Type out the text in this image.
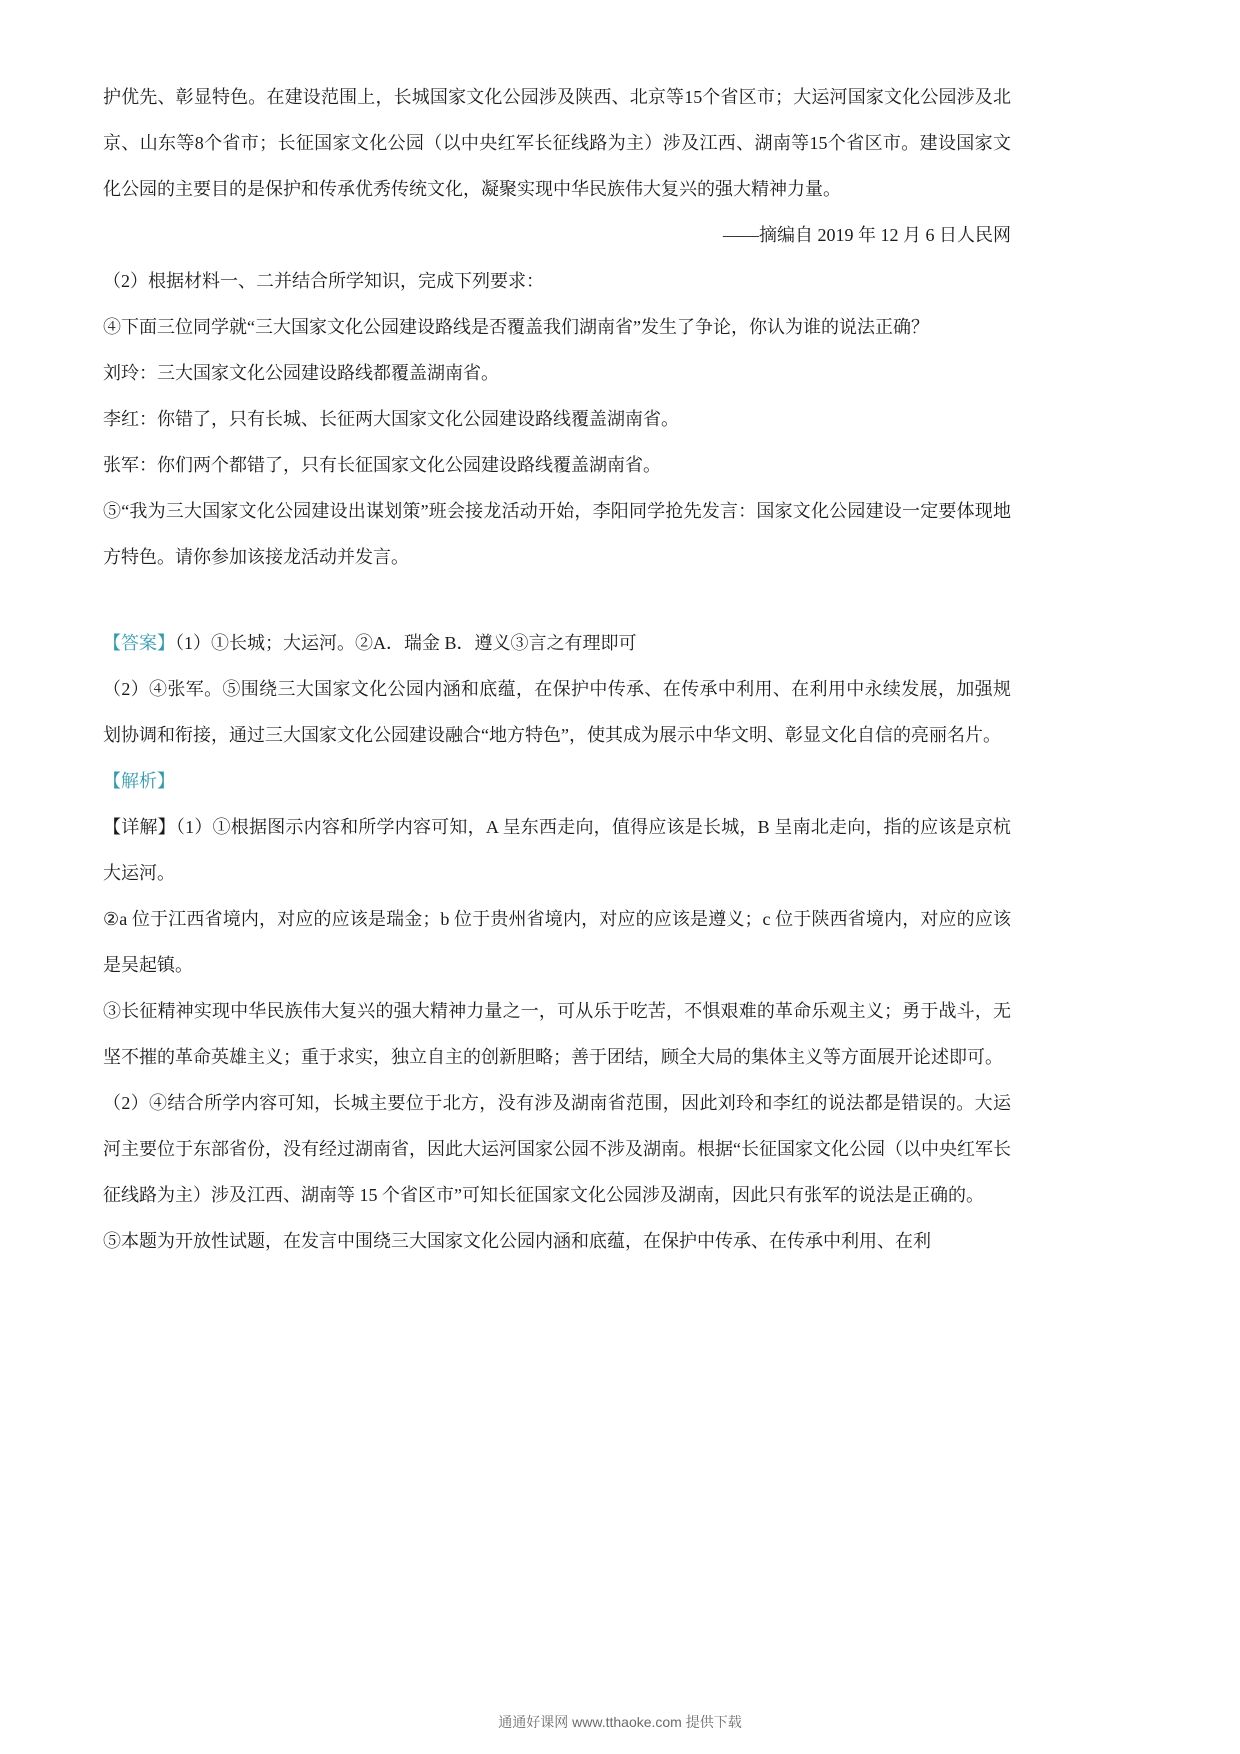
护优先、彰显特色。在建设范围上，长城国家文化公园涉及陕西、北京等15个省区市；大运河国家文化公园涉及北京、山东等8个省市；长征国家文化公园（以中央红军长征线路为主）涉及江西、湖南等15个省区市。建设国家文化公园的主要目的是保护和传承优秀传统文化，凝聚实现中华民族伟大复兴的强大精神力量。

——摘编自 2019 年 12 月 6 日人民网

（2）根据材料一、二并结合所学知识，完成下列要求：

④下面三位同学就“三大国家文化公园建设路线是否覆盖我们湖南省”发生了争论，你认为谁的说法正确？

刘玲：三大国家文化公园建设路线都覆盖湖南省。

李红：你错了，只有长城、长征两大国家文化公园建设路线覆盖湖南省。

张军：你们两个都错了，只有长征国家文化公园建设路线覆盖湖南省。

⑤“我为三大国家文化公园建设出谋划策”班会接龙活动开始，李阳同学抢先发言：国家文化公园建设一定要体现地方特色。请你参加该接龙活动并发言。

【答案】（1）①长城；大运河。②A．瑞金 B．遵义③言之有理即可

（2）④张军。⑤围绕三大国家文化公园内涵和底蕴，在保护中传承、在传承中利用、在利用中永续发展，加强规划协调和衔接，通过三大国家文化公园建设融合“地方特色”，使其成为展示中华文明、彰显文化自信的亮丽名片。

【解析】

【详解】（1）①根据图示内容和所学内容可知，A 呈东西走向，值得应该是长城，B 呈南北走向，指的应该是京杭大运河。

②a 位于江西省境内，对应的应该是瑞金；b 位于贵州省境内，对应的应该是遵义；c 位于陕西省境内，对应的应该是吴起镇。

③长征精神实现中华民族伟大复兴的强大精神力量之一，可从乐于吃苦，不惧艰难的革命乐观主义；勇于战斗，无坚不摧的革命英雄主义；重于求实，独立自主的创新胆略；善于团结，顾全大局的集体主义等方面展开论述即可。

（2）④结合所学内容可知，长城主要位于北方，没有涉及湖南省范围，因此刘玲和李红的说法都是错误的。大运河主要位于东部省份，没有经过湖南省，因此大运河国家公园不涉及湖南。根据“长征国家文化公园（以中央红军长征线路为主）涉及江西、湖南等 15 个省区市”可知长征国家文化公园涉及湖南，因此只有张军的说法是正确的。

⑤本题为开放性试题，在发言中围绕三大国家文化公园内涵和底蕴，在保护中传承、在传承中利用、在利

通通好课网 www.tthaoke.com 提供下载
